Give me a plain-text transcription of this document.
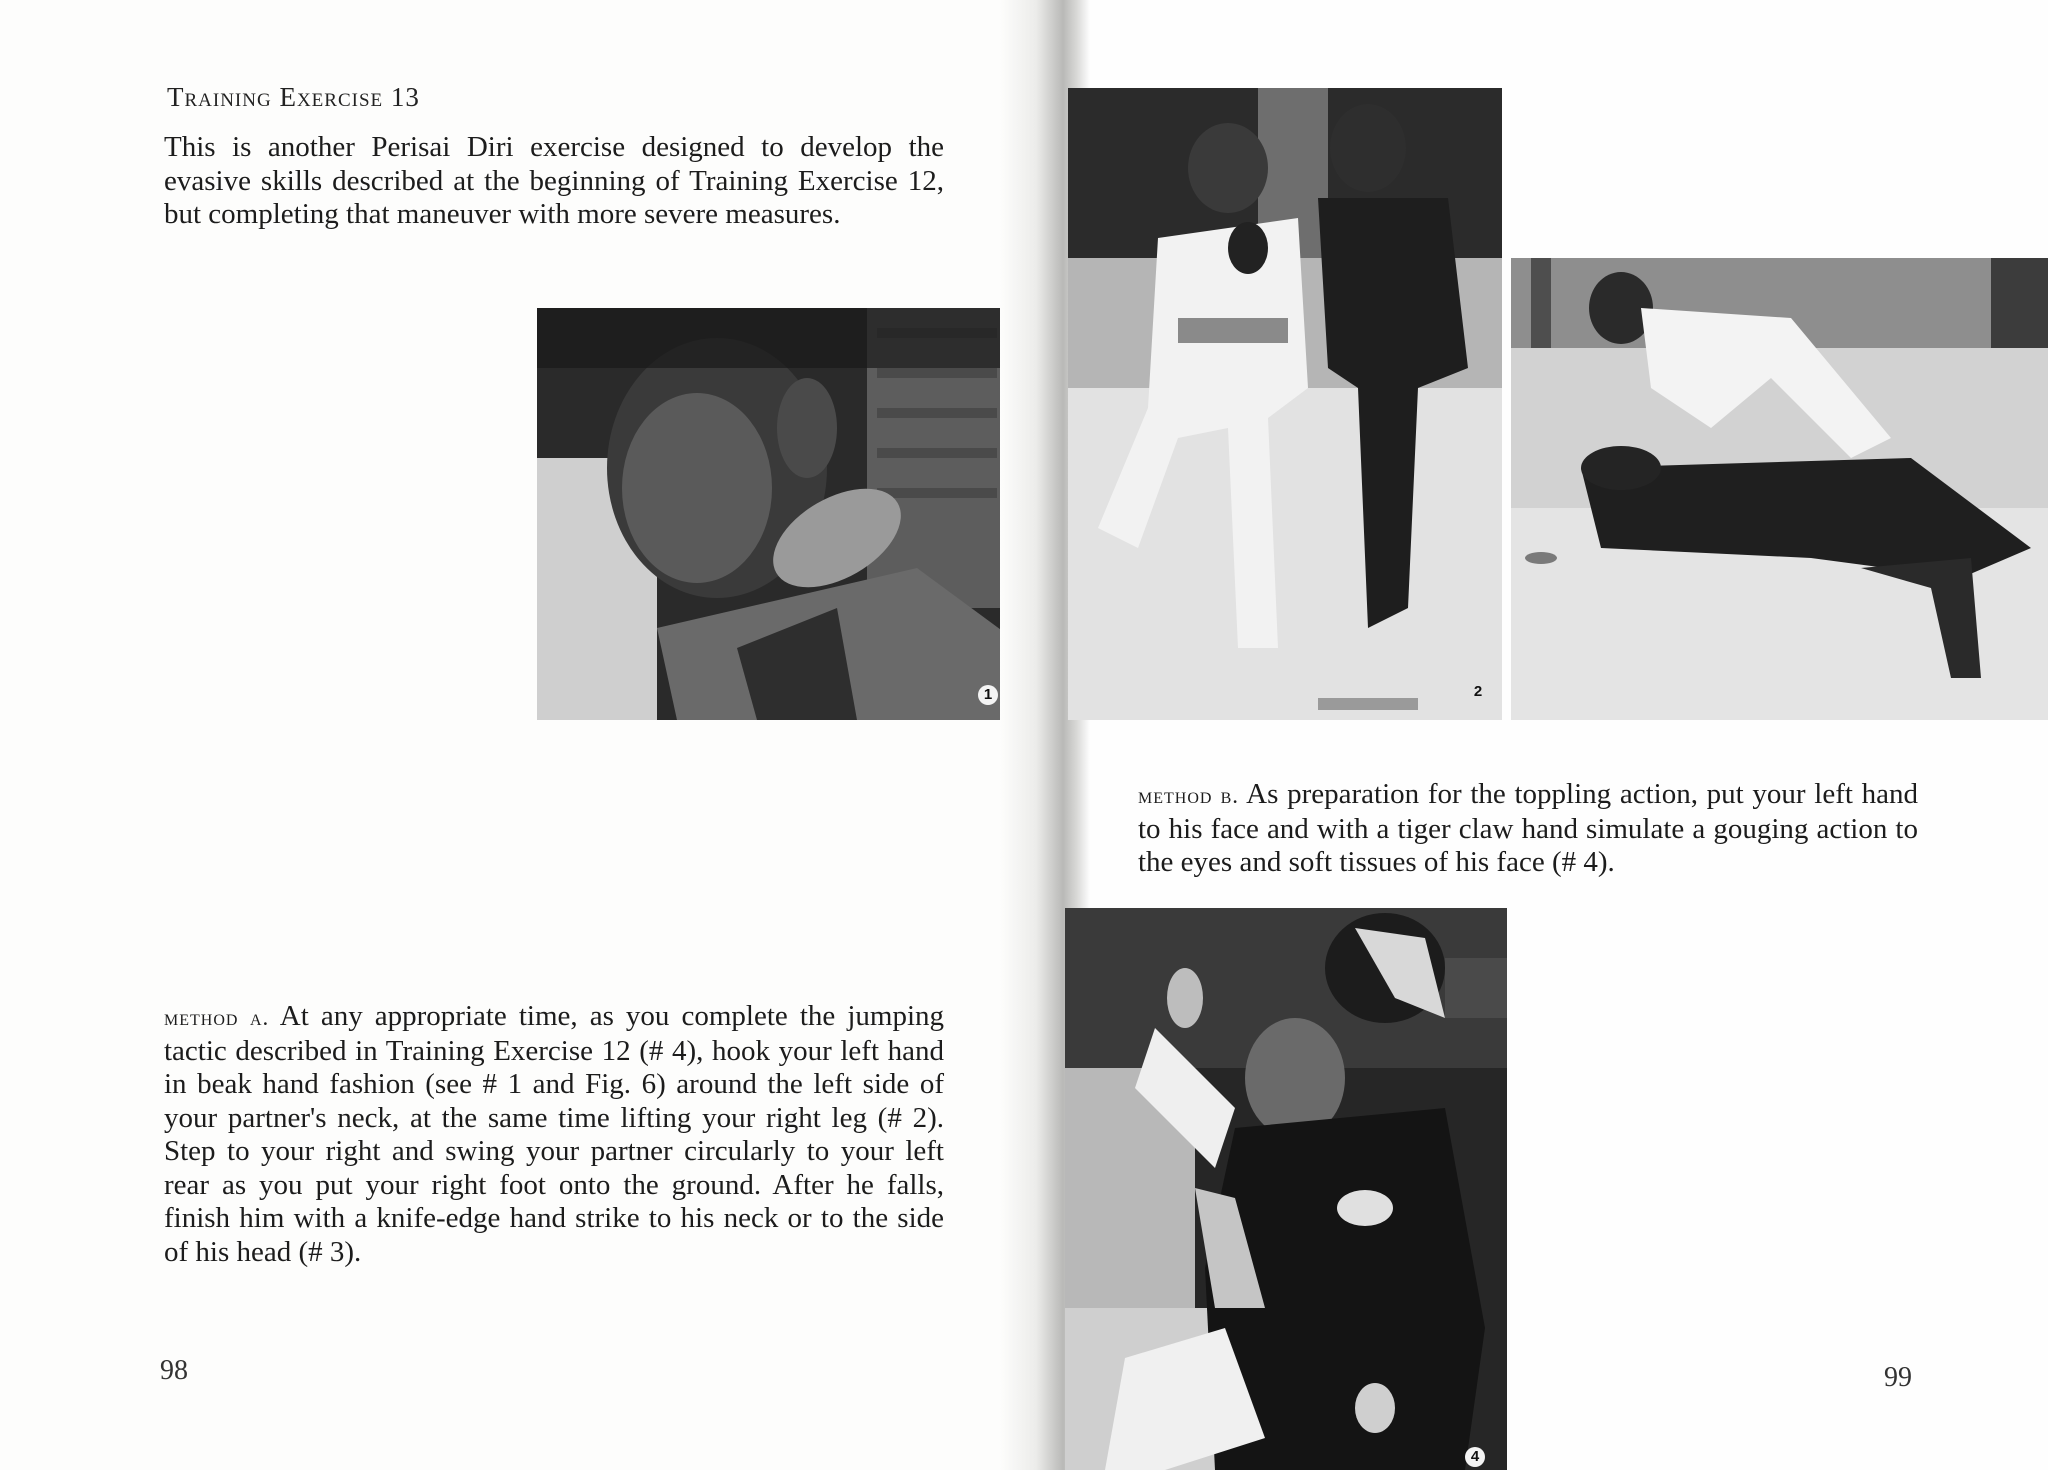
Training Exercise 13
This is another Perisai Diri exercise designed to develop the evasive skills described at the beginning of Training Exercise 12, but completing that maneuver with more severe measures.
1
method a. At any appropriate time, as you complete the jumping tactic described in Training Exercise 12 (# 4), hook your left hand in beak hand fashion (see # 1 and Fig. 6) around the left side of your partner's neck, at the same time lifting your right leg (# 2). Step to your right and swing your partner circularly to your left rear as you put your right foot onto the ground. After he falls, finish him with a knife-edge hand strike to his neck or to the side of his head (# 3).
98
2
method b. As preparation for the toppling action, put your left hand to his face and with a tiger claw hand simulate a gouging action to the eyes and soft tissues of his face (# 4).
4
99
